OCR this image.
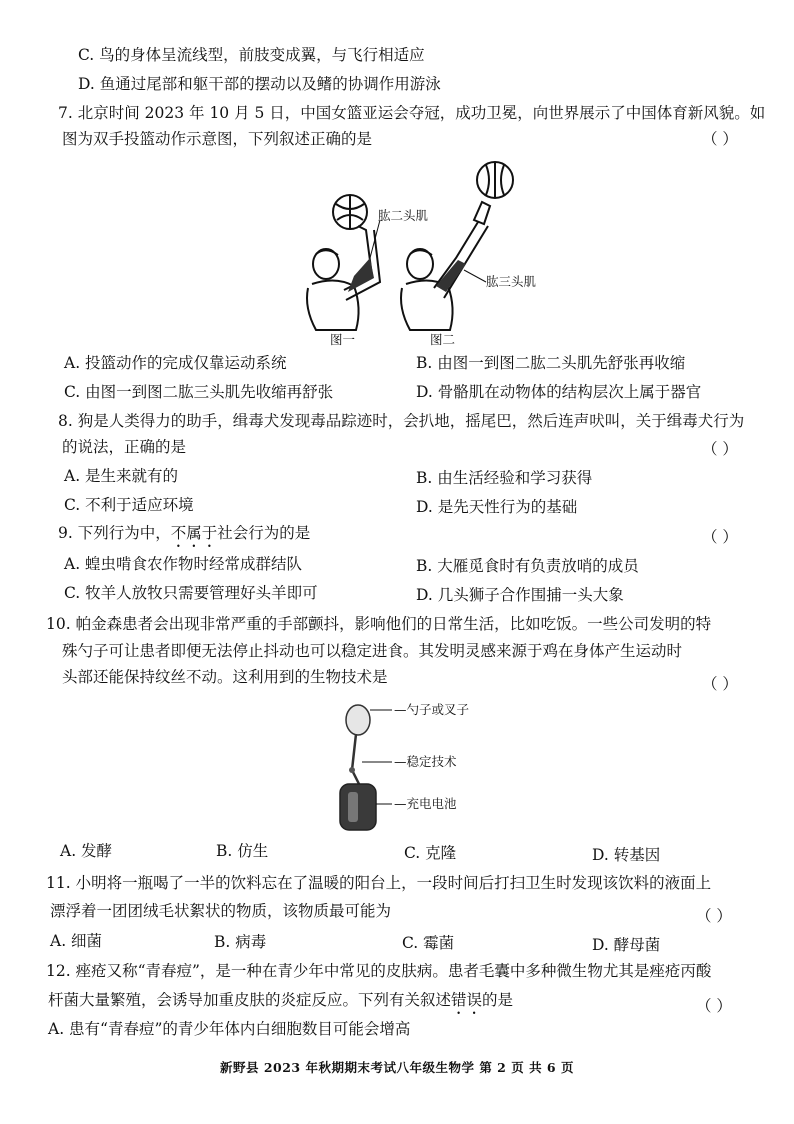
C. 鸟的身体呈流线型，前肢变成翼，与飞行相适应
D. 鱼通过尾部和躯干部的摆动以及鳍的协调作用游泳
7. 北京时间 2023 年 10 月 5 日，中国女篮亚运会夺冠，成功卫冕，向世界展示了中国体育新风貌。如
图为双手投篮动作示意图，下列叙述正确的是	（ ）
肱二头肌
肱三头肌
图一	图二
A. 投篮动作的完成仅靠运动系统	B. 由图一到图二肱二头肌先舒张再收缩
C. 由图一到图二肱三头肌先收缩再舒张	D. 骨骼肌在动物体的结构层次上属于器官
8. 狗是人类得力的助手，缉毒犬发现毒品踪迹时，会扒地，摇尾巴，然后连声吠叫，关于缉毒犬行为
的说法，正确的是	（ ）
A. 是生来就有的	B. 由生活经验和学习获得
C. 不利于适应环境	D. 是先天性行为的基础
9. 下列行为中，不属于社会行为的是	（ ）
A. 蝗虫啃食农作物时经常成群结队	B. 大雁觅食时有负责放哨的成员
C. 牧羊人放牧只需要管理好头羊即可	D. 几头狮子合作围捕一头大象
10. 帕金森患者会出现非常严重的手部颤抖，影响他们的日常生活，比如吃饭。一些公司发明的特
殊勺子可让患者即便无法停止抖动也可以稳定进食。其发明灵感来源于鸡在身体产生运动时
头部还能保持纹丝不动。这利用到的生物技术是	（ ）
—勺子或叉子
—稳定技术
—充电电池
A. 发酵	B. 仿生	C. 克隆	D. 转基因
11. 小明将一瓶喝了一半的饮料忘在了温暖的阳台上，一段时间后打扫卫生时发现该饮料的液面上
漂浮着一团团绒毛状絮状的物质，该物质最可能为	（ ）
A. 细菌	B. 病毒	C. 霉菌	D. 酵母菌
12. 痤疮又称“青春痘”，是一种在青少年中常见的皮肤病。患者毛囊中多种微生物尤其是痤疮丙酸
杆菌大量繁殖，会诱导加重皮肤的炎症反应。下列有关叙述错误的是	（ ）
A. 患有“青春痘”的青少年体内白细胞数目可能会增高
新野县 2023 年秋期期末考试八年级生物学 第 2 页 共 6 页
